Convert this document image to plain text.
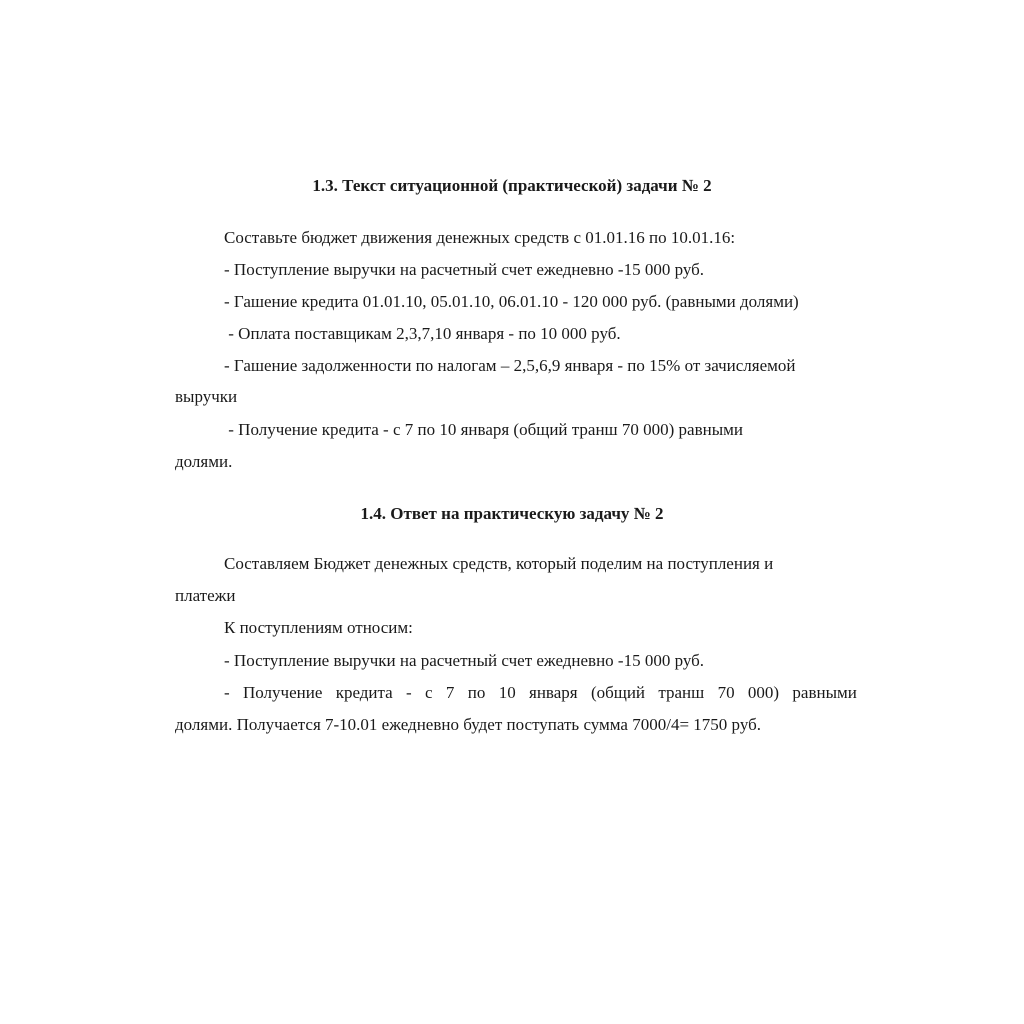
1.3. Текст ситуационной (практической) задачи № 2
Составьте бюджет движения денежных средств с 01.01.16 по 10.01.16:
- Поступление выручки на расчетный счет ежедневно -15 000 руб.
- Гашение кредита 01.01.10, 05.01.10, 06.01.10 - 120 000 руб. (равными долями)
- Оплата поставщикам 2,3,7,10 января - по 10 000 руб.
- Гашение задолженности по налогам – 2,5,6,9 января - по 15% от зачисляемой
выручки
- Получение кредита - с 7 по 10 января (общий транш 70 000) равными
долями.
1.4. Ответ на практическую задачу № 2
Составляем Бюджет денежных средств, который поделим на поступления и
платежи
К поступлениям относим:
- Поступление выручки на расчетный счет ежедневно -15 000 руб.
- Получение кредита - с 7 по 10 января (общий транш 70 000) равными
долями. Получается 7-10.01 ежедневно будет поступать сумма 7000/4= 1750 руб.
